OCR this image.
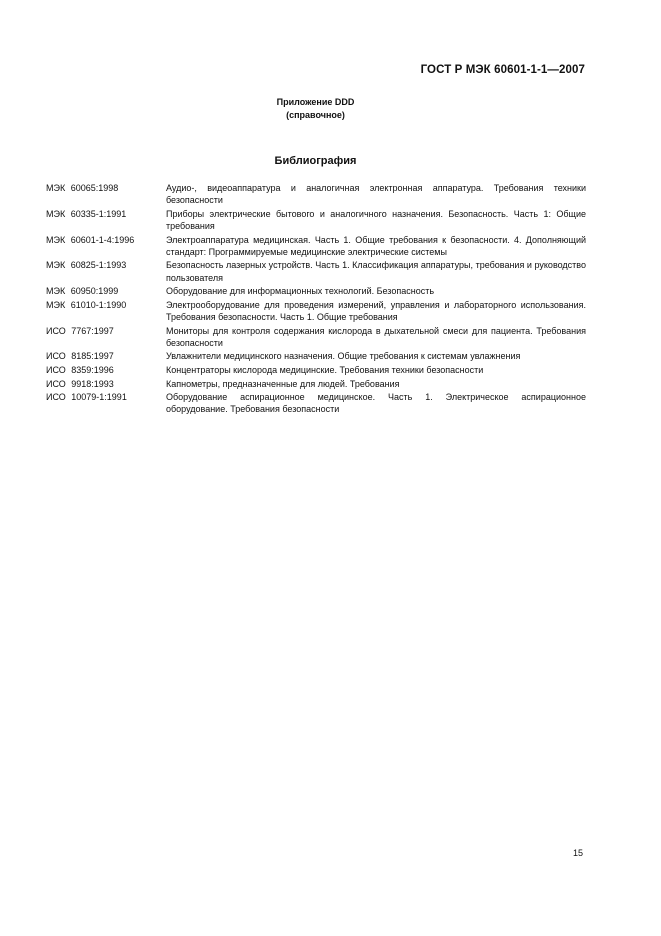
ГОСТ Р МЭК 60601-1-1—2007
Приложение DDD
(справочное)
Библиография
МЭК 60065:1998	Аудио-, видеоаппаратура и аналогичная электронная аппаратура. Требования техники безопасности
МЭК 60335-1:1991	Приборы электрические бытового и аналогичного назначения. Безопасность. Часть 1: Общие требования
МЭК 60601-1-4:1996	Электроаппаратура медицинская. Часть 1. Общие требования к безопасности. 4. Дополняющий стандарт: Программируемые медицинские электрические системы
МЭК 60825-1:1993	Безопасность лазерных устройств. Часть 1. Классификация аппаратуры, требования и руководство пользователя
МЭК 60950:1999	Оборудование для информационных технологий. Безопасность
МЭК 61010-1:1990	Электрооборудование для проведения измерений, управления и лабораторного использования. Требования безопасности. Часть 1. Общие требования
ИСО 7767:1997	Мониторы для контроля содержания кислорода в дыхательной смеси для пациента. Требования безопасности
ИСО 8185:1997	Увлажнители медицинского назначения. Общие требования к системам увлажнения
ИСО 8359:1996	Концентраторы кислорода медицинские. Требования техники безопасности
ИСО 9918:1993	Капнометры, предназначенные для людей. Требования
ИСО 10079-1:1991	Оборудование аспирационное медицинское. Часть 1. Электрическое аспирационное оборудование. Требования безопасности
15
